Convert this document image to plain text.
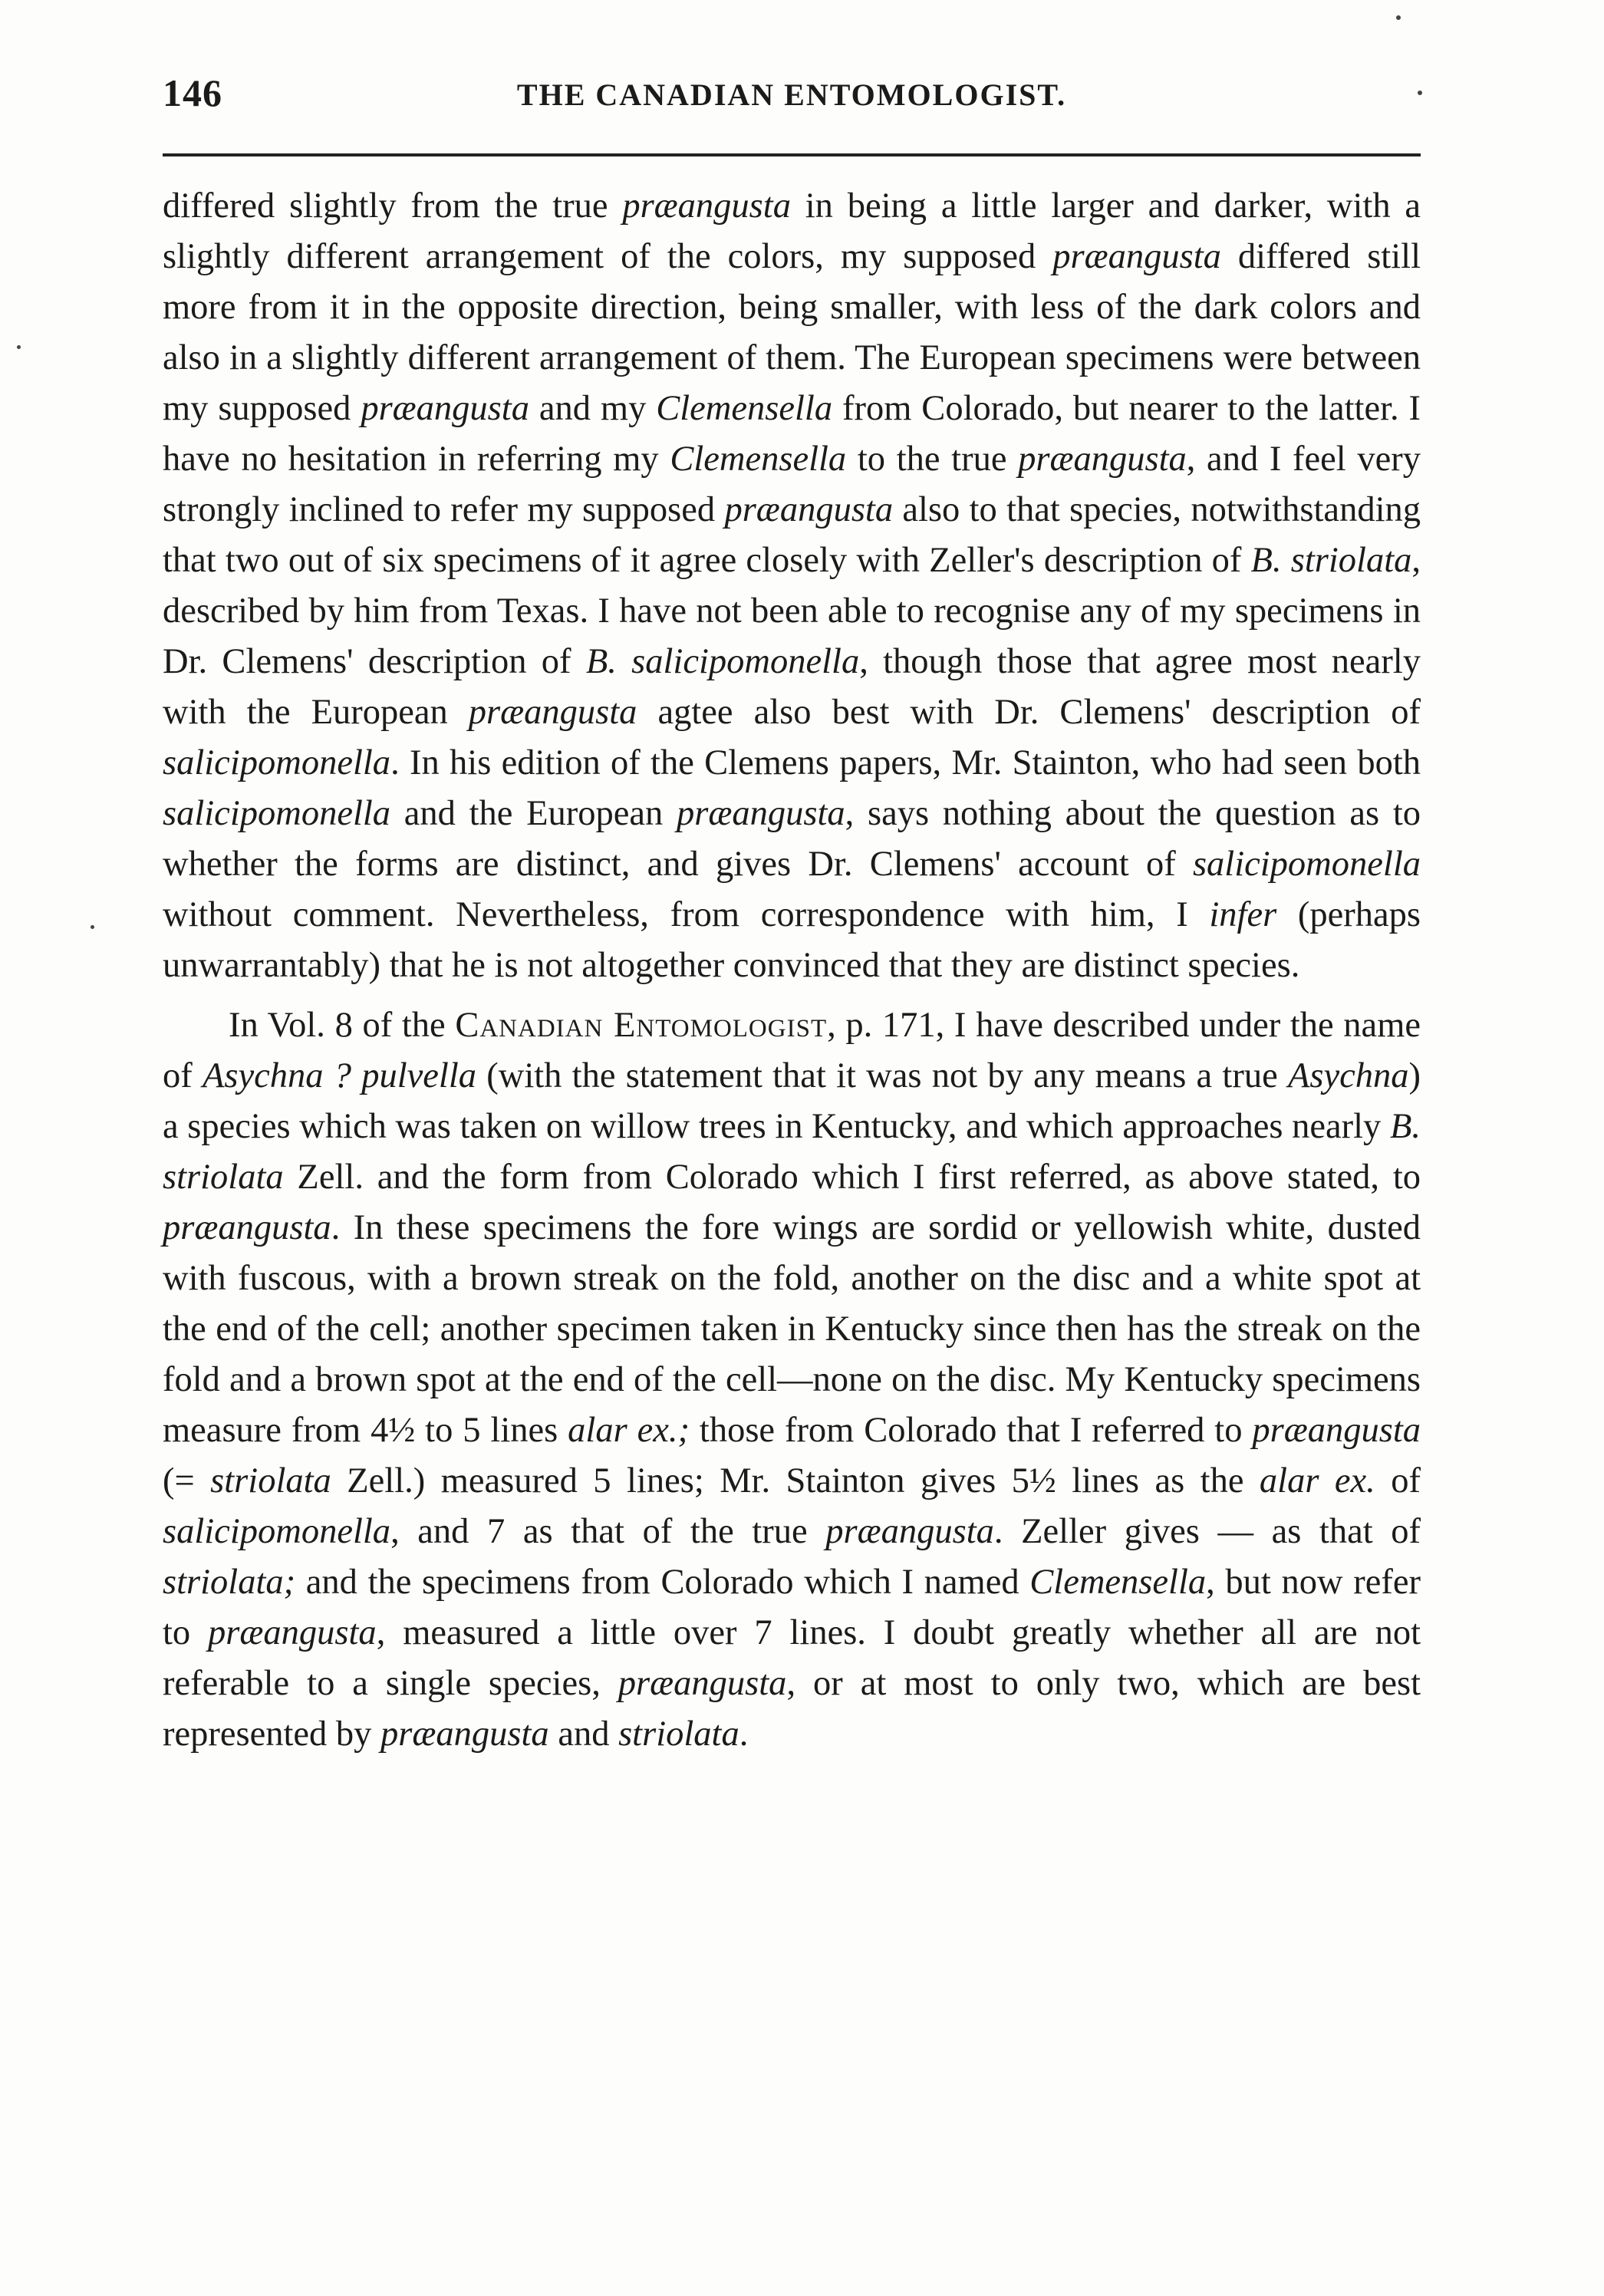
146	THE CANADIAN ENTOMOLOGIST.

differed slightly from the true præangusta in being a little larger and darker, with a slightly different arrangement of the colors, my supposed præangusta differed still more from it in the opposite direction, being smaller, with less of the dark colors and also in a slightly different arrangement of them. The European specimens were between my supposed præangusta and my Clemensella from Colorado, but nearer to the latter. I have no hesitation in referring my Clemensella to the true præangusta, and I feel very strongly inclined to refer my supposed præangusta also to that species, notwithstanding that two out of six specimens of it agree closely with Zeller's description of B. striolata, described by him from Texas. I have not been able to recognise any of my specimens in Dr. Clemens' description of B. salicipomonella, though those that agree most nearly with the European præangusta agtee also best with Dr. Clemens' description of salicipomonella. In his edition of the Clemens papers, Mr. Stainton, who had seen both salicipomonella and the European præangusta, says nothing about the question as to whether the forms are distinct, and gives Dr. Clemens' account of salicipomonella without comment. Nevertheless, from correspondence with him, I infer (perhaps unwarrantably) that he is not altogether convinced that they are distinct species.

In Vol. 8 of the Canadian Entomologist, p. 171, I have described under the name of Asychna ? pulvella (with the statement that it was not by any means a true Asychna) a species which was taken on willow trees in Kentucky, and which approaches nearly B. striolata Zell. and the form from Colorado which I first referred, as above stated, to præangusta. In these specimens the fore wings are sordid or yellowish white, dusted with fuscous, with a brown streak on the fold, another on the disc and a white spot at the end of the cell; another specimen taken in Kentucky since then has the streak on the fold and a brown spot at the end of the cell—none on the disc. My Kentucky specimens measure from 4½ to 5 lines alar ex.; those from Colorado that I referred to præangusta (= striolata Zell.) measured 5 lines; Mr. Stainton gives 5½ lines as the alar ex. of salicipomonella, and 7 as that of the true præangusta. Zeller gives — as that of striolata; and the specimens from Colorado which I named Clemensella, but now refer to præangusta, measured a little over 7 lines. I doubt greatly whether all are not referable to a single species, præangusta, or at most to only two, which are best represented by præangusta and striolata.
